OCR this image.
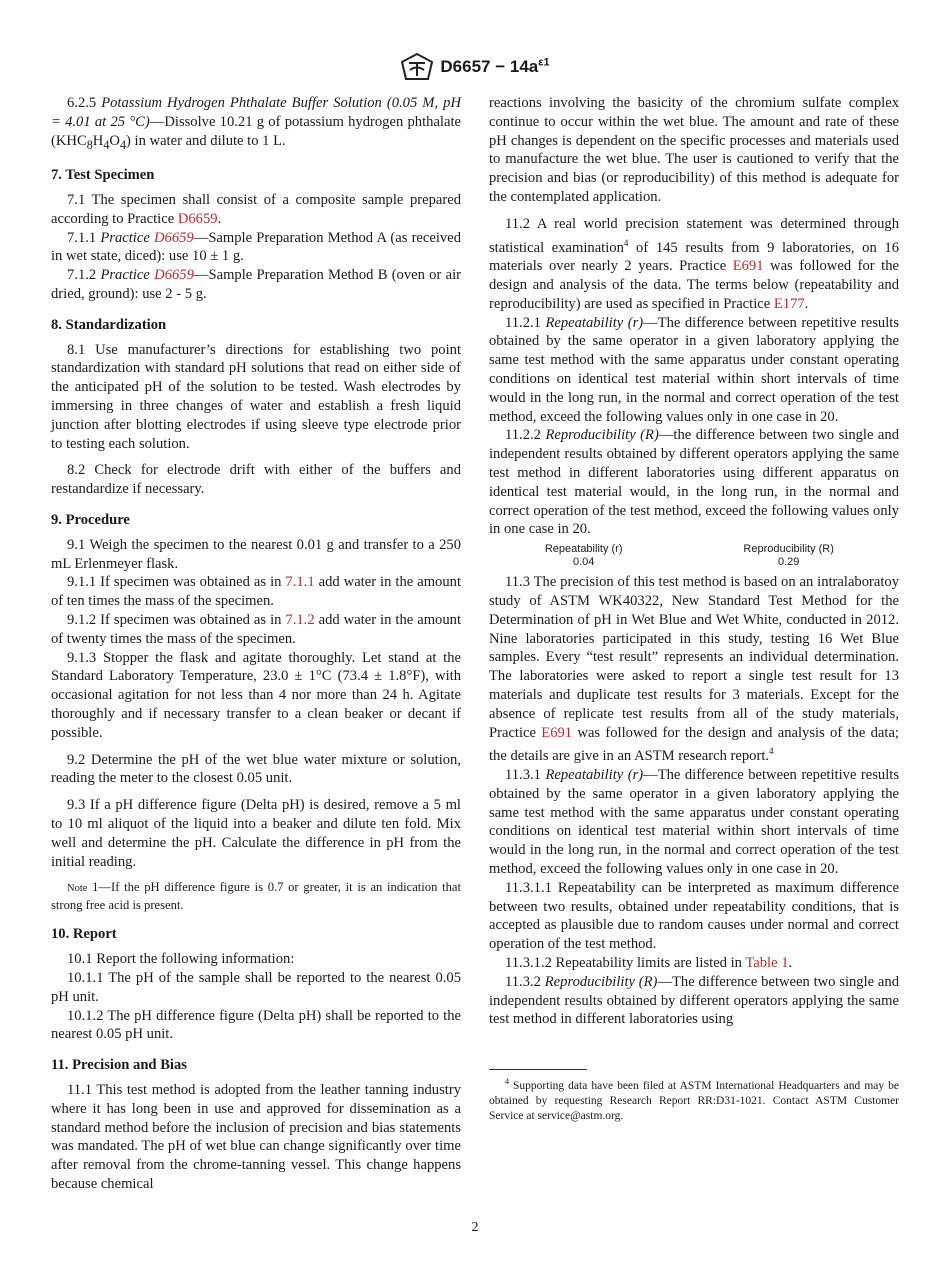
$D6657 - 14a^{\varepsilon 1}$

6.2.5 Potassium Hydrogen Phthalate Buffer Solution (0.05 M, pH = 4.01 at 25 °C)—Dissolve 10.21 g of potassium hydrogen phthalate $(KHC_8H_4O_4)$ in water and dilute to 1 L.

7. Test Specimen

7.1 The specimen shall consist of a composite sample prepared according to Practice D6659.

7.1.1 Practice D6659—Sample Preparation Method A (as received in wet state, diced): use 10 ± 1 g.

7.1.2 Practice D6659—Sample Preparation Method B (oven or air dried, ground): use 2 - 5 g.

8. Standardization

8.1 Use manufacturer’s directions for establishing two point standardization with standard pH solutions that read on either side of the anticipated pH of the solution to be tested. Wash electrodes by immersing in three changes of water and establish a fresh liquid junction after blotting electrodes if using sleeve type electrode prior to testing each solution.

8.2 Check for electrode drift with either of the buffers and restandardize if necessary.

9. Procedure

9.1 Weigh the specimen to the nearest 0.01 g and transfer to a 250 mL Erlenmeyer flask.

9.1.1 If specimen was obtained as in 7.1.1 add water in the amount of ten times the mass of the specimen.

9.1.2 If specimen was obtained as in 7.1.2 add water in the amount of twenty times the mass of the specimen.

9.1.3 Stopper the flask and agitate thoroughly. Let stand at the Standard Laboratory Temperature, 23.0 ± 1°C (73.4 ± 1.8°F), with occasional agitation for not less than 4 nor more than 24 h. Agitate thoroughly and if necessary transfer to a clean beaker or decant if possible.

9.2 Determine the pH of the wet blue water mixture or solution, reading the meter to the closest 0.05 unit.

9.3 If a pH difference figure (Delta pH) is desired, remove a 5 ml to 10 ml aliquot of the liquid into a beaker and dilute ten fold. Mix well and determine the pH. Calculate the difference in pH from the initial reading.

Note 1—If the pH difference figure is 0.7 or greater, it is an indication that strong free acid is present.
10. Report

10.1 Report the following information:

10.1.1 The pH of the sample shall be reported to the nearest 0.05 pH unit.

10.1.2 The pH difference figure (Delta pH) shall be reported to the nearest 0.05 pH unit.

11. Precision and Bias

11.1 This test method is adopted from the leather tanning industry where it has long been in use and approved for dissemination as a standard method before the inclusion of precision and bias statements was mandated. The pH of wet blue can change significantly over time after removal from the chrome-tanning vessel. This change happens because chemical

reactions involving the basicity of the chromium sulfate complex continue to occur within the wet blue. The amount and rate of these pH changes is dependent on the specific processes and materials used to manufacture the wet blue. The user is cautioned to verify that the precision and bias (or reproducibility) of this method is adequate for the contemplated application.

11.2 A real world precision statement was determined through statistical examination$^4$ of 145 results from 9 laboratories, on 16 materials over nearly 2 years. Practice E691 was followed for the design and analysis of the data. The terms below (repeatability and reproducibility) are used as specified in Practice E177.

11.2.1 Repeatability (r)—The difference between repetitive results obtained by the same operator in a given laboratory applying the same test method with the same apparatus under constant operating conditions on identical test material within short intervals of time would in the long run, in the normal and correct operation of the test method, exceed the following values only in one case in 20.

11.2.2 Reproducibility (R)—the difference between two single and independent results obtained by different operators applying the same test method in different laboratories using different apparatus on identical test material would, in the long run, in the normal and correct operation of the test method, exceed the following values only in one case in 20.

Repeatability (r)	Reproducibility (R)
0.04	0.29

11.3 The precision of this test method is based on an intralaboratoy study of ASTM WK40322, New Standard Test Method for the Determination of pH in Wet Blue and Wet White, conducted in 2012. Nine laboratories participated in this study, testing 16 Wet Blue samples. Every “test result” represents an individual determination. The laboratories were asked to report a single test result for 13 materials and duplicate test results for 3 materials. Except for the absence of replicate test results from all of the study materials, Practice E691 was followed for the design and analysis of the data; the details are give in an ASTM research report.$^4$

11.3.1 Repeatability (r)—The difference between repetitive results obtained by the same operator in a given laboratory applying the same test method with the same apparatus under constant operating conditions on identical test material within short intervals of time would in the long run, in the normal and correct operation of the test method, exceed the following values only in one case in 20.

11.3.1.1 Repeatability can be interpreted as maximum difference between two results, obtained under repeatability conditions, that is accepted as plausible due to random causes under normal and correct operation of the test method.

11.3.1.2 Repeatability limits are listed in Table 1.

11.3.2 Reproducibility (R)—The difference between two single and independent results obtained by different operators applying the same test method in different laboratories using

$^4$ Supporting data have been filed at ASTM International Headquarters and may be obtained by requesting Research Report RR:D31-1021. Contact ASTM Customer Service at service@astm.org.
2
